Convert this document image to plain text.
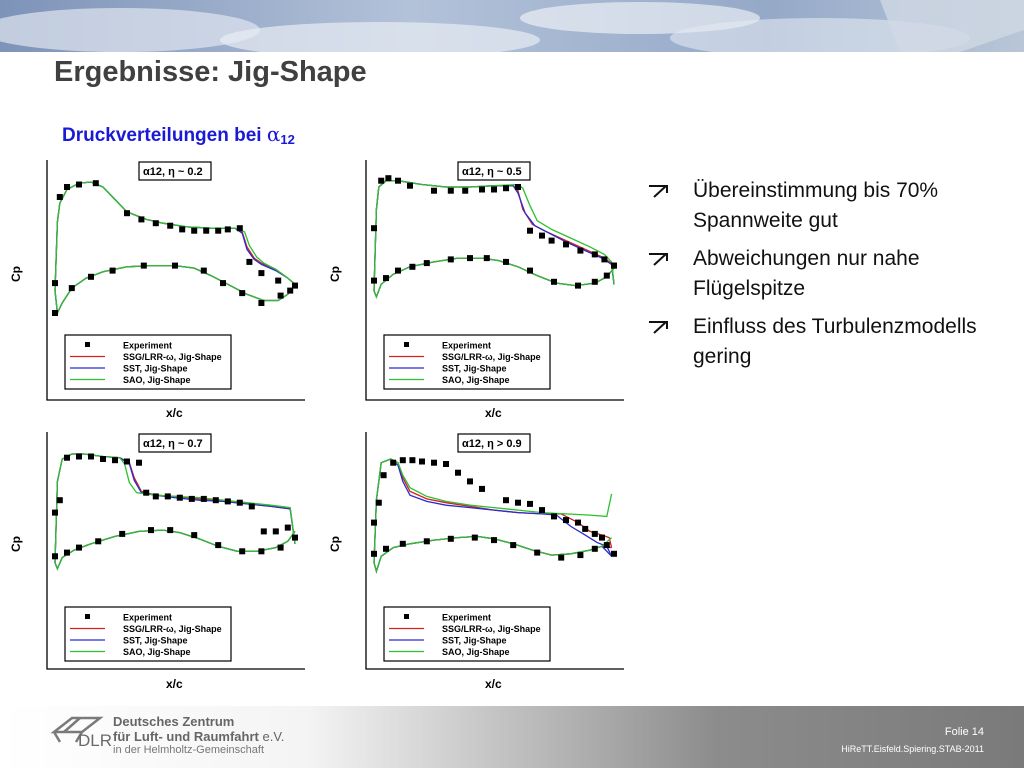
Ergebnisse: Jig-Shape
Druckverteilungen bei $\alpha_{12}$
α12, η ~ 0.2
Experiment
SSG/LRR-ω, Jig-Shape
SST, Jig-Shape
SAO, Jig-Shape
x/c
Cp
α12, η ~ 0.5
Experiment
SSG/LRR-ω, Jig-Shape
SST, Jig-Shape
SAO, Jig-Shape
x/c
Cp
α12, η ~ 0.7
Experiment
SSG/LRR-ω, Jig-Shape
SST, Jig-Shape
SAO, Jig-Shape
x/c
Cp
α12, η > 0.9
Experiment
SSG/LRR-ω, Jig-Shape
SST, Jig-Shape
SAO, Jig-Shape
x/c
Cp
Übereinstimmung bis 70% Spannweite gut
Abweichungen nur nahe Flügelspitze
Einfluss des Turbulenzmodells gering
DLR
Deutsches Zentrum
für Luft- und Raumfahrt e.V.
in der Helmholtz-Gemeinschaft
Folie 14
HiReTT.Eisfeld.Spiering.STAB-2011
